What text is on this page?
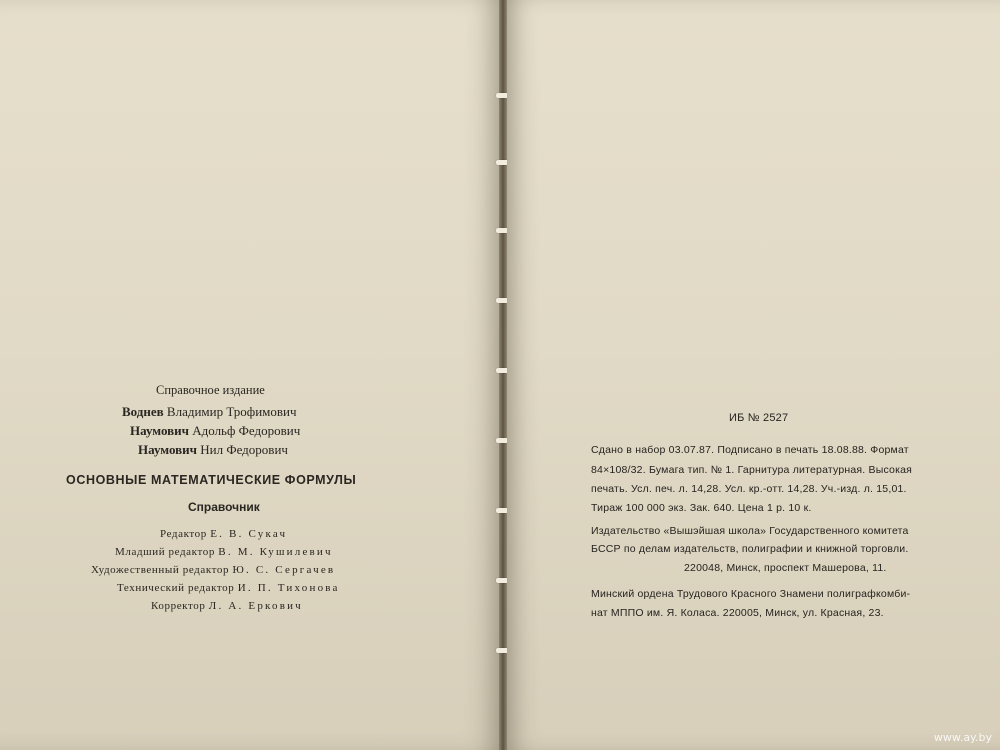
Справочное издание
Воднев Владимир Трофимович
Наумович Адольф Федорович
Наумович Нил Федорович
ОСНОВНЫЕ МАТЕМАТИЧЕСКИЕ ФОРМУЛЫ
Справочник
Редактор Е. В. Сукач
Младший редактор В. М. Кушилевич
Художественный редактор Ю. С. Сергачев
Технический редактор И. П. Тихонова
Корректор Л. А. Еркович
ИБ № 2527
Сдано в набор 03.07.87. Подписано в печать 18.08.88. Формат
84×108/32. Бумага тип. № 1. Гарнитура литературная. Высокая
печать. Усл. печ. л. 14,28. Усл. кр.-отт. 14,28. Уч.-изд. л. 15,01.
Тираж 100 000 экз. Зак. 640. Цена 1 р. 10 к.
Издательство «Вышэйшая школа» Государственного комитета
БССР по делам издательств, полиграфии и книжной торговли.
220048, Минск, проспект Машерова, 11.
Минский ордена Трудового Красного Знамени полиграфкомби-
нат МППО им. Я. Коласа. 220005, Минск, ул. Красная, 23.
www.ay.by
